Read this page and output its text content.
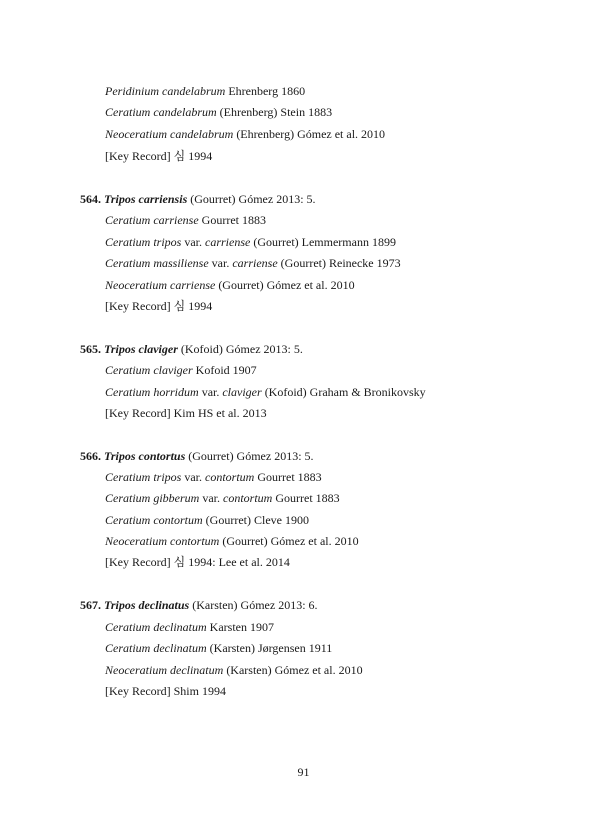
Peridinium candelabrum Ehrenberg 1860
Ceratium candelabrum (Ehrenberg) Stein 1883
Neoceratium candelabrum (Ehrenberg) Gómez et al. 2010
[Key Record] 심 1994
564. Tripos carriensis (Gourret) Gómez 2013: 5.
Ceratium carriense Gourret 1883
Ceratium tripos var. carriense (Gourret) Lemmermann 1899
Ceratium massiliense var. carriense (Gourret) Reinecke 1973
Neoceratium carriense (Gourret) Gómez et al. 2010
[Key Record] 심 1994
565. Tripos claviger (Kofoid) Gómez 2013: 5.
Ceratium claviger Kofoid 1907
Ceratium horridum var. claviger (Kofoid) Graham & Bronikovsky
[Key Record] Kim HS et al. 2013
566. Tripos contortus (Gourret) Gómez 2013: 5.
Ceratium tripos var. contortum Gourret 1883
Ceratium gibberum var. contortum Gourret 1883
Ceratium contortum (Gourret) Cleve 1900
Neoceratium contortum (Gourret) Gómez et al. 2010
[Key Record] 심 1994: Lee et al. 2014
567. Tripos declinatus (Karsten) Gómez 2013: 6.
Ceratium declinatum Karsten 1907
Ceratium declinatum (Karsten) Jørgensen 1911
Neoceratium declinatum (Karsten) Gómez et al. 2010
[Key Record] Shim 1994
91
